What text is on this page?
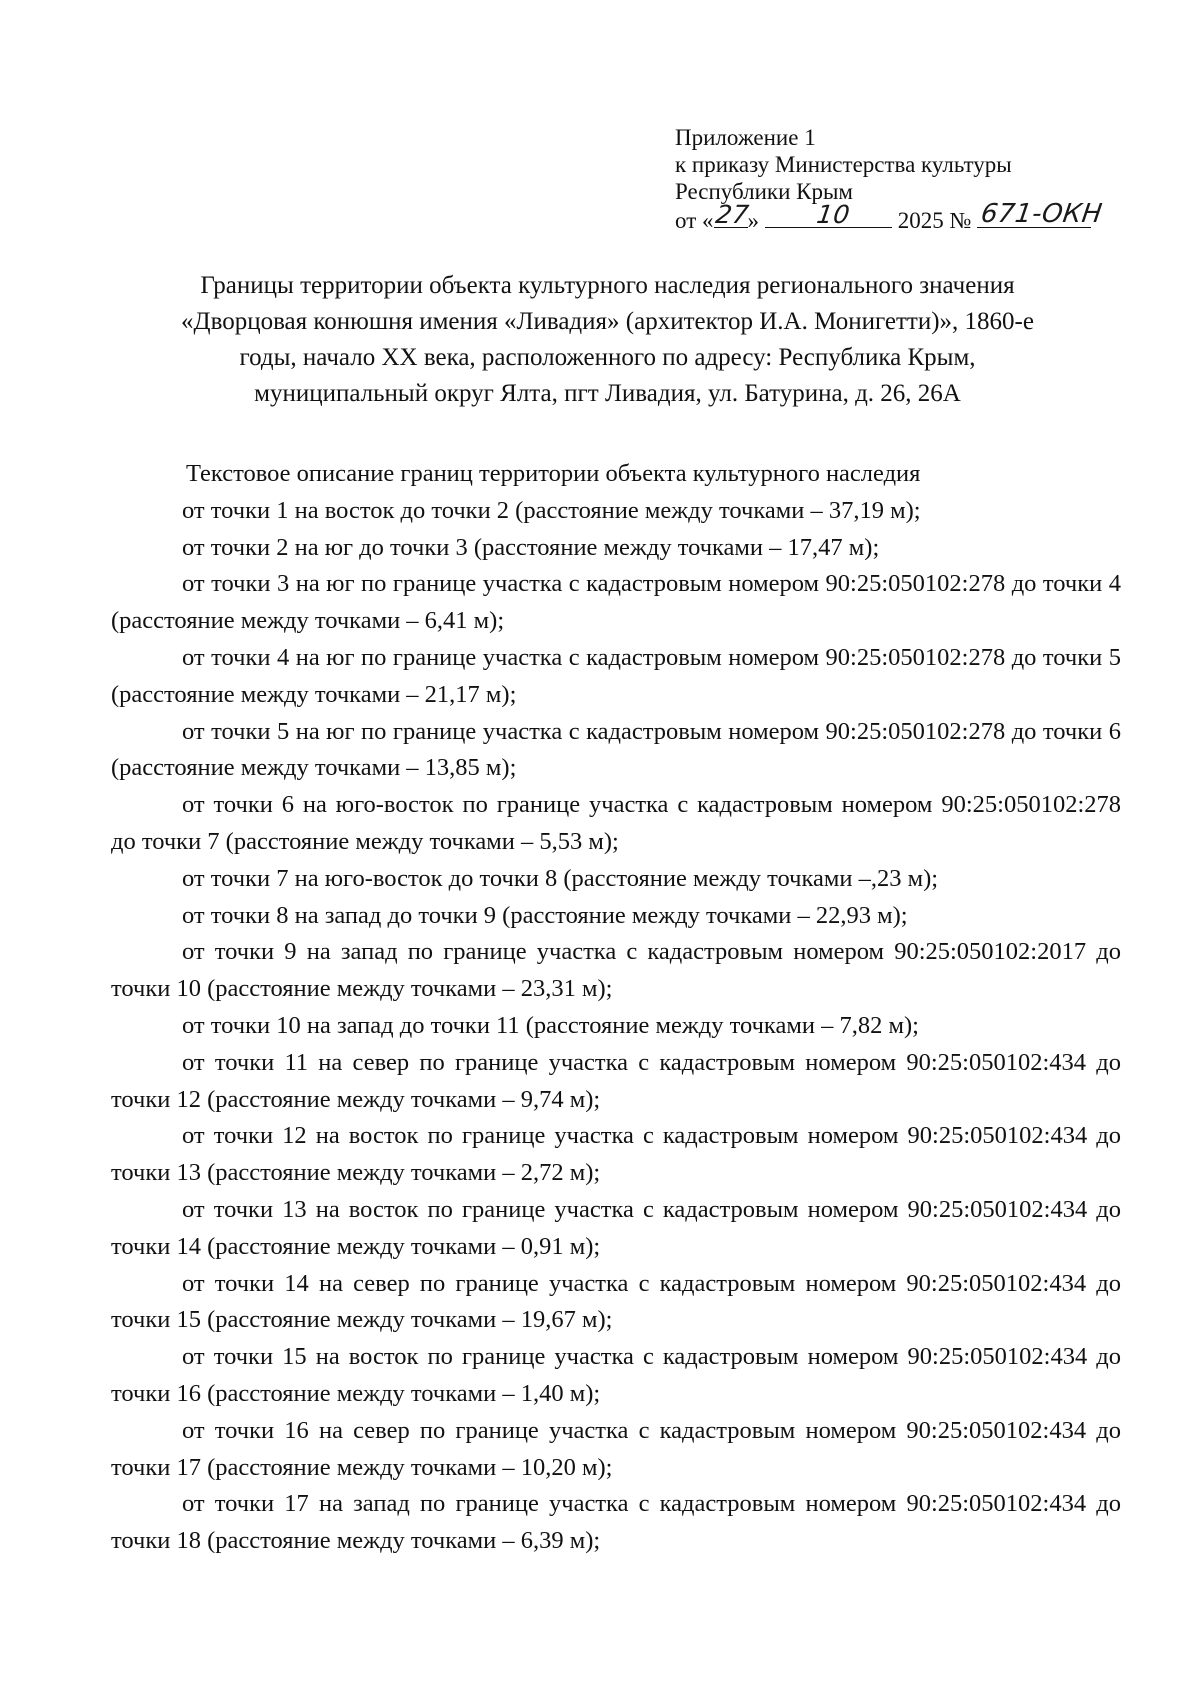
Приложение 1
к приказу Министерства культуры
Республики Крым
от « 27
» 10 2025 № 671-ОКН
Границы территории объекта культурного наследия регионального значения
«Дворцовая конюшня имения «Ливадия» (архитектор И.А. Монигетти)», 1860-е
годы, начало XX века, расположенного по адресу: Республика Крым,
муниципальный округ Ялта, пгт Ливадия, ул. Батурина, д. 26, 26А
Текстовое описание границ территории объекта культурного наследия
от точки 1 на восток до точки 2 (расстояние между точками – 37,19 м);
от точки 2 на юг до точки 3 (расстояние между точками – 17,47 м);
от точки 3 на юг по границе участка с кадастровым номером 90:25:050102:278 до точки 4 (расстояние между точками – 6,41 м);
от точки 4 на юг по границе участка с кадастровым номером 90:25:050102:278 до точки 5 (расстояние между точками – 21,17 м);
от точки 5 на юг по границе участка с кадастровым номером 90:25:050102:278 до точки 6 (расстояние между точками – 13,85 м);
от точки 6 на юго-восток по границе участка с кадастровым номером 90:25:050102:278 до точки 7 (расстояние между точками – 5,53 м);
от точки 7 на юго-восток до точки 8 (расстояние между точками –,23 м);
от точки 8 на запад до точки 9 (расстояние между точками – 22,93 м);
от точки 9 на запад по границе участка с кадастровым номером 90:25:050102:2017 до точки 10 (расстояние между точками – 23,31 м);
от точки 10 на запад до точки 11 (расстояние между точками – 7,82 м);
от точки 11 на север по границе участка с кадастровым номером 90:25:050102:434 до точки 12 (расстояние между точками – 9,74 м);
от точки 12 на восток по границе участка с кадастровым номером 90:25:050102:434 до точки 13 (расстояние между точками – 2,72 м);
от точки 13 на восток по границе участка с кадастровым номером 90:25:050102:434 до точки 14 (расстояние между точками – 0,91 м);
от точки 14 на север по границе участка с кадастровым номером 90:25:050102:434 до точки 15 (расстояние между точками – 19,67 м);
от точки 15 на восток по границе участка с кадастровым номером 90:25:050102:434 до точки 16 (расстояние между точками – 1,40 м);
от точки 16 на север по границе участка с кадастровым номером 90:25:050102:434 до точки 17 (расстояние между точками – 10,20 м);
от точки 17 на запад по границе участка с кадастровым номером 90:25:050102:434 до точки 18 (расстояние между точками – 6,39 м);
